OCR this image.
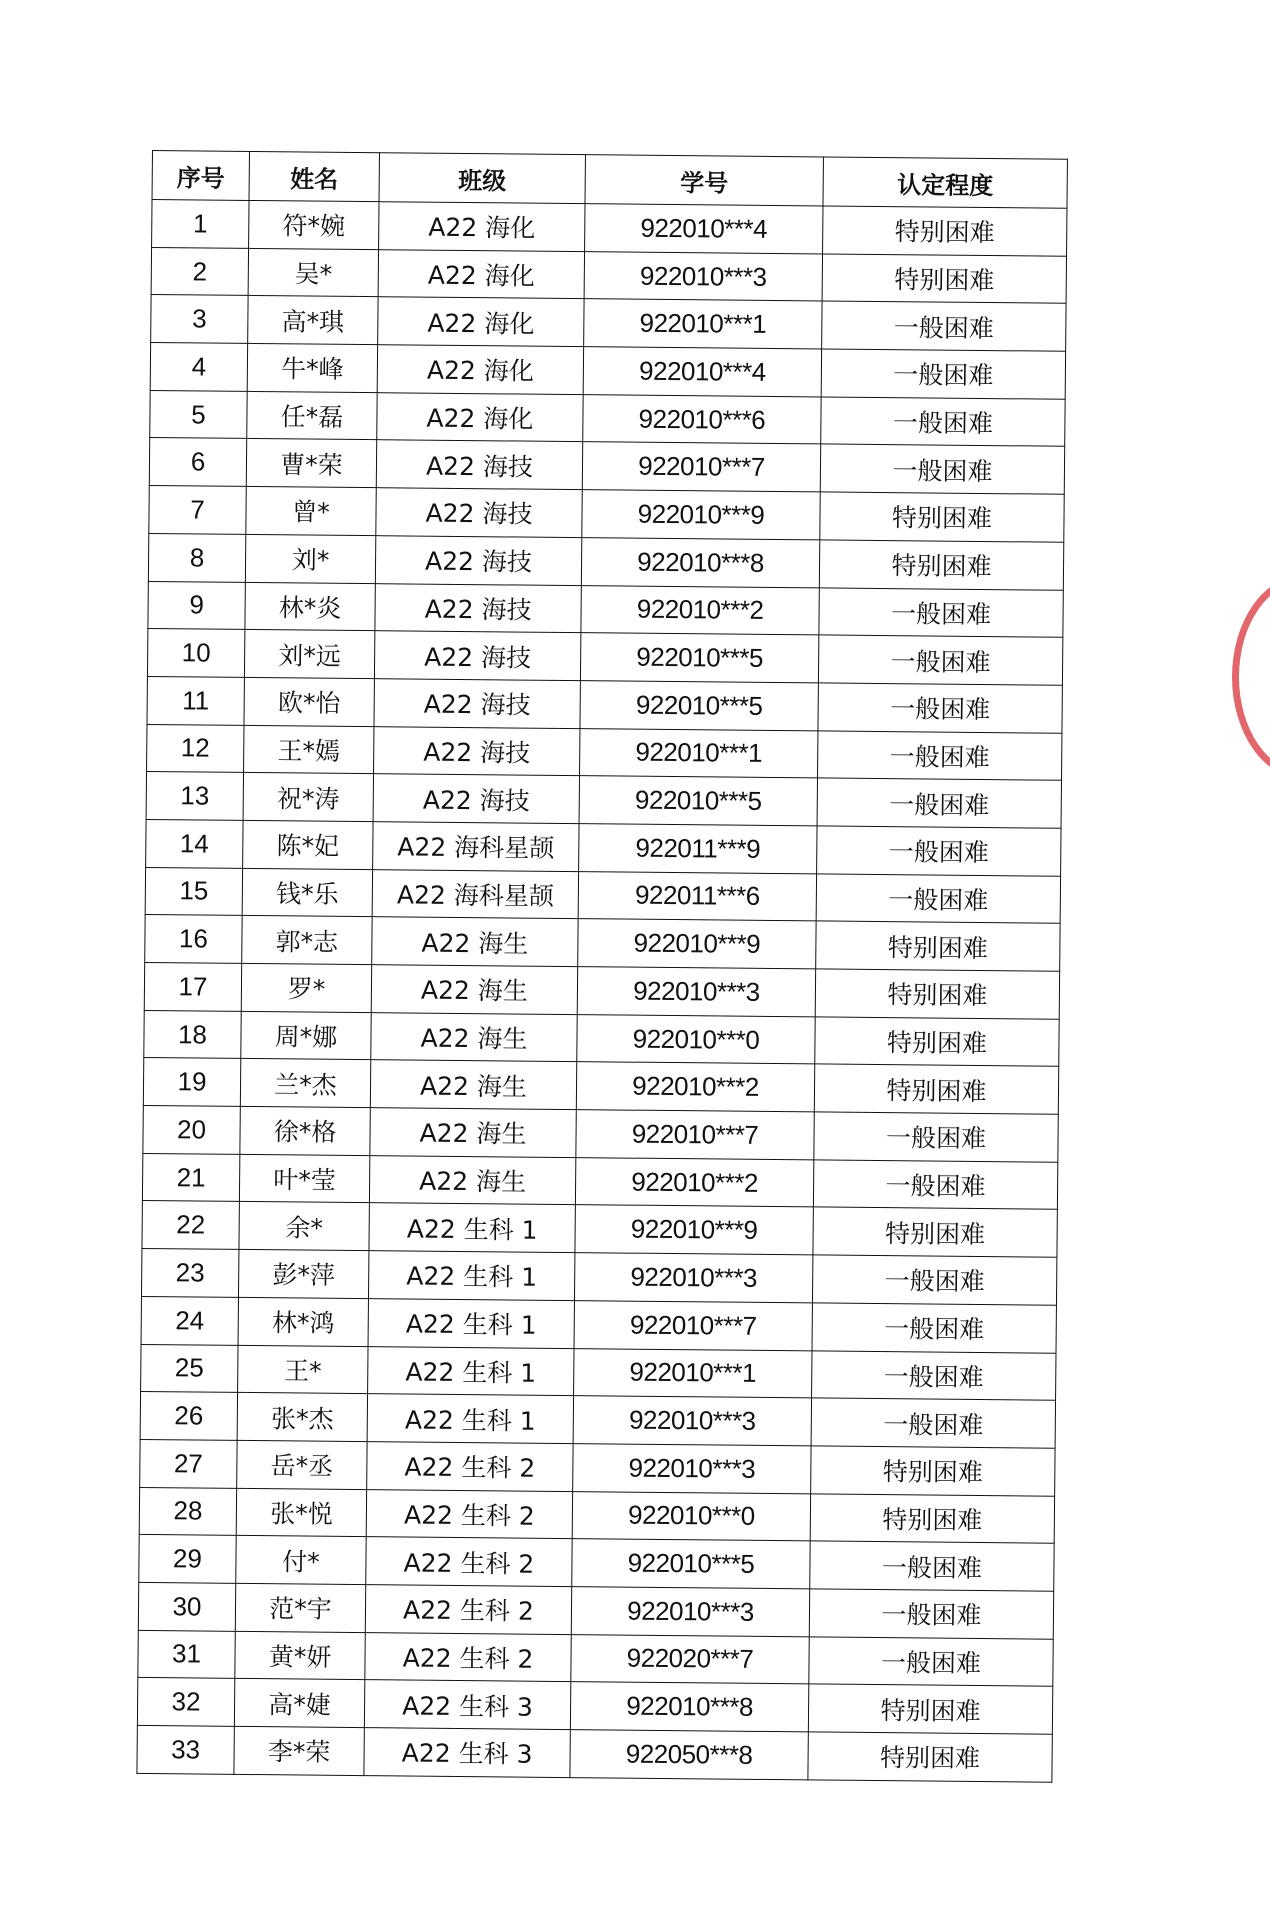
序号	姓名	班级	学号	认定程度
1	符*婉	A22 海化	922010***4	特别困难
2	吴*	A22 海化	922010***3	特别困难
3	高*琪	A22 海化	922010***1	一般困难
4	牛*峰	A22 海化	922010***4	一般困难
5	任*磊	A22 海化	922010***6	一般困难
6	曹*荣	A22 海技	922010***7	一般困难
7	曾*	A22 海技	922010***9	特别困难
8	刘*	A22 海技	922010***8	特别困难
9	林*炎	A22 海技	922010***2	一般困难
10	刘*远	A22 海技	922010***5	一般困难
11	欧*怡	A22 海技	922010***5	一般困难
12	王*嫣	A22 海技	922010***1	一般困难
13	祝*涛	A22 海技	922010***5	一般困难
14	陈*妃	A22 海科星颉	922011***9	一般困难
15	钱*乐	A22 海科星颉	922011***6	一般困难
16	郭*志	A22 海生	922010***9	特别困难
17	罗*	A22 海生	922010***3	特别困难
18	周*娜	A22 海生	922010***0	特别困难
19	兰*杰	A22 海生	922010***2	特别困难
20	徐*格	A22 海生	922010***7	一般困难
21	叶*莹	A22 海生	922010***2	一般困难
22	余*	A22 生科 1	922010***9	特别困难
23	彭*萍	A22 生科 1	922010***3	一般困难
24	林*鸿	A22 生科 1	922010***7	一般困难
25	王*	A22 生科 1	922010***1	一般困难
26	张*杰	A22 生科 1	922010***3	一般困难
27	岳*丞	A22 生科 2	922010***3	特别困难
28	张*悦	A22 生科 2	922010***0	特别困难
29	付*	A22 生科 2	922010***5	一般困难
30	范*宇	A22 生科 2	922010***3	一般困难
31	黄*妍	A22 生科 2	922020***7	一般困难
32	高*婕	A22 生科 3	922010***8	特别困难
33	李*荣	A22 生科 3	922050***8	特别困难
